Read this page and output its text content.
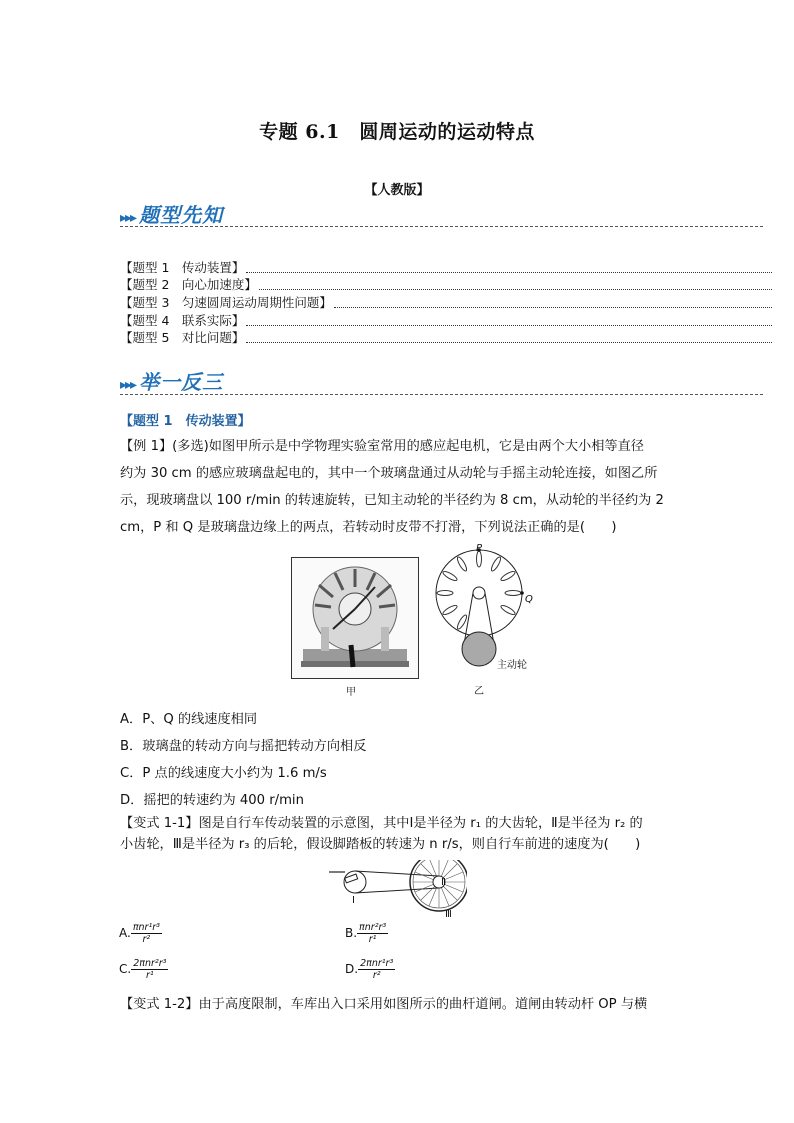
专题 6.1　圆周运动的运动特点
【人教版】
▸▸▸ 题型先知
【题型 1　传动装置】
【题型 2　向心加速度】
【题型 3　匀速圆周运动周期性问题】
【题型 4　联系实际】
【题型 5　对比问题】
▸▸▸ 举一反三
【题型 1　传动装置】
【例 1】(多选)如图甲所示是中学物理实验室常用的感应起电机，它是由两个大小相等直径
约为 30 cm 的感应玻璃盘起电的，其中一个玻璃盘通过从动轮与手摇主动轮连接，如图乙所
示，现玻璃盘以 100 r/min 的转速旋转，已知主动轮的半径约为 8 cm，从动轮的半径约为 2
cm，P 和 Q 是玻璃盘边缘上的两点，若转动时皮带不打滑，下列说法正确的是(　　)
甲
P
Q
主动轮
乙
A．P、Q 的线速度相同
B．玻璃盘的转动方向与摇把转动方向相反
C．P 点的线速度大小约为 1.6 m/s
D．摇把的转速约为 400 r/min
【变式 1-1】图是自行车传动装置的示意图，其中Ⅰ是半径为 r₁ 的大齿轮，Ⅱ是半径为 r₂ 的
小齿轮，Ⅲ是半径为 r₃ 的后轮，假设脚踏板的转速为 n r/s，则自行车前进的速度为(　　)
Ⅰ
Ⅱ
Ⅲ
A. $\frac{\text{πnr¹r³}}{\text{r²}}$	B. $\frac{\text{πnr²r³}}{\text{r¹}}$
C. $\frac{\text{2πnr²r³}}{\text{r¹}}$	D. $\frac{\text{2πnr¹r³}}{\text{r²}}$
【变式 1-2】由于高度限制，车库出入口采用如图所示的曲杆道闸。道闸由转动杆 OP 与横
